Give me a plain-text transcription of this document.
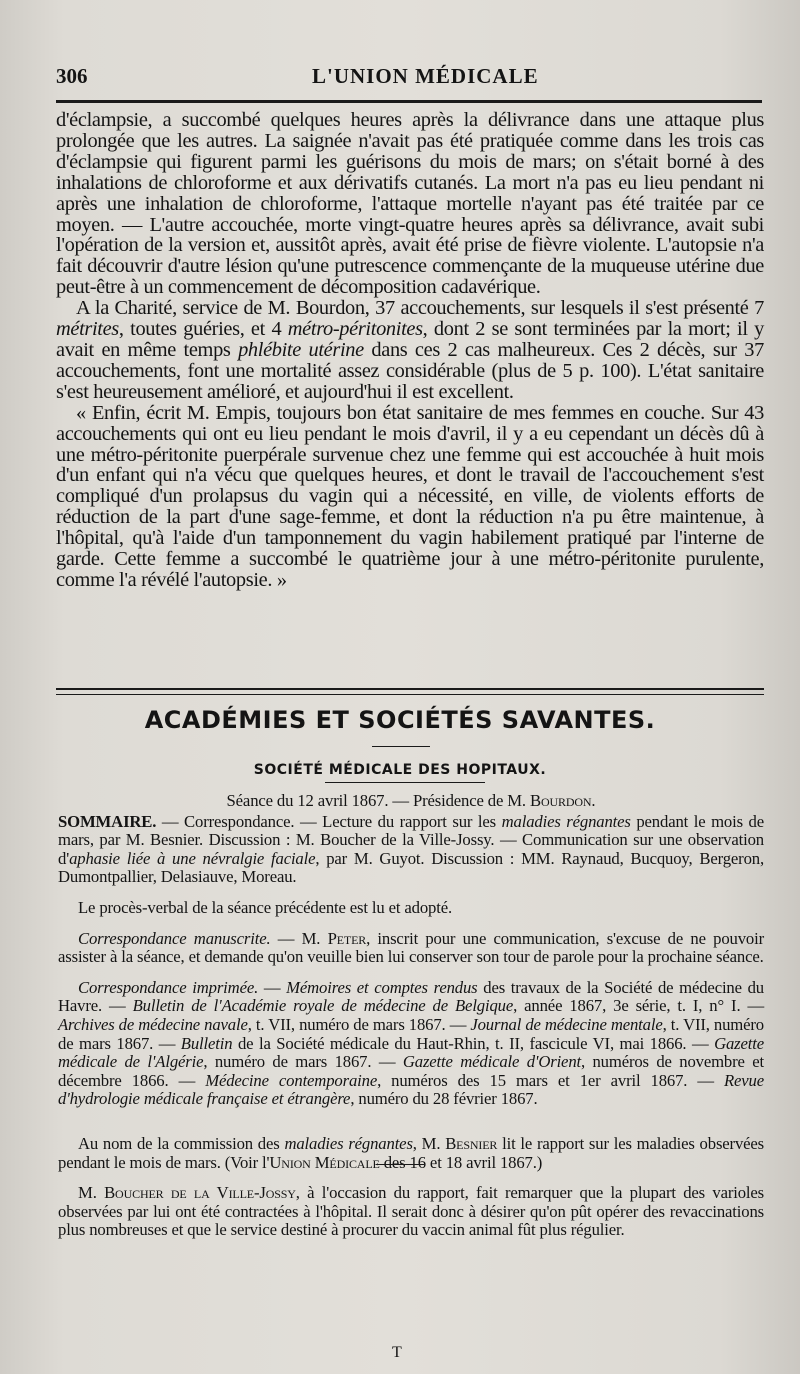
306	L'UNION MÉDICALE

d'éclampsie, a succombé quelques heures après la délivrance dans une attaque plus prolongée que les autres. La saignée n'avait pas été pratiquée comme dans les trois cas d'éclampsie qui figurent parmi les guérisons du mois de mars; on s'était borné à des inhalations de chloroforme et aux dérivatifs cutanés. La mort n'a pas eu lieu pendant ni après une inhalation de chloroforme, l'attaque mortelle n'ayant pas été traitée par ce moyen. — L'autre accouchée, morte vingt-quatre heures après sa délivrance, avait subi l'opération de la version et, aussitôt après, avait été prise de fièvre violente. L'autopsie n'a fait découvrir d'autre lésion qu'une putrescence commençante de la muqueuse utérine due peut-être à un commencement de décomposition cadavérique.

A la Charité, service de M. Bourdon, 37 accouchements, sur lesquels il s'est présenté 7 métrites, toutes guéries, et 4 métro-péritonites, dont 2 se sont terminées par la mort; il y avait en même temps phlébite utérine dans ces 2 cas malheureux. Ces 2 décès, sur 37 accouchements, font une mortalité assez considérable (plus de 5 p. 100). L'état sanitaire s'est heureusement amélioré, et aujourd'hui il est excellent.

« Enfin, écrit M. Empis, toujours bon état sanitaire de mes femmes en couche. Sur 43 accouchements qui ont eu lieu pendant le mois d'avril, il y a eu cependant un décès dû à une métro-péritonite puerpérale survenue chez une femme qui est accouchée à huit mois d'un enfant qui n'a vécu que quelques heures, et dont le travail de l'accouchement s'est compliqué d'un prolapsus du vagin qui a nécessité, en ville, de violents efforts de réduction de la part d'une sage-femme, et dont la réduction n'a pu être maintenue, à l'hôpital, qu'à l'aide d'un tamponnement du vagin habilement pratiqué par l'interne de garde. Cette femme a succombé le quatrième jour à une métro-péritonite purulente, comme l'a révélé l'autopsie. »

ACADÉMIES ET SOCIÉTÉS SAVANTES.
SOCIÉTÉ MÉDICALE DES HOPITAUX.

Séance du 12 avril 1867. — Présidence de M. Bourdon.

SOMMAIRE. — Correspondance. — Lecture du rapport sur les maladies régnantes pendant le mois de mars, par M. Besnier. Discussion : M. Boucher de la Ville-Jossy. — Communication sur une observation d'aphasie liée à une névralgie faciale, par M. Guyot. Discussion : MM. Raynaud, Bucquoy, Bergeron, Dumontpallier, Delasiauve, Moreau.

Le procès-verbal de la séance précédente est lu et adopté.

Correspondance manuscrite. — M. Peter, inscrit pour une communication, s'excuse de ne pouvoir assister à la séance, et demande qu'on veuille bien lui conserver son tour de parole pour la prochaine séance.

Correspondance imprimée. — Mémoires et comptes rendus des travaux de la Société de médecine du Havre. — Bulletin de l'Académie royale de médecine de Belgique, année 1867, 3e série, t. I, n° I. — Archives de médecine navale, t. VII, numéro de mars 1867. — Journal de médecine mentale, t. VII, numéro de mars 1867. — Bulletin de la Société médicale du Haut-Rhin, t. II, fascicule VI, mai 1866. — Gazette médicale de l'Algérie, numéro de mars 1867. — Gazette médicale d'Orient, numéros de novembre et décembre 1866. — Médecine contemporaine, numéros des 15 mars et 1er avril 1867. — Revue d'hydrologie médicale française et étrangère, numéro du 28 février 1867.

Au nom de la commission des maladies régnantes, M. Besnier lit le rapport sur les maladies observées pendant le mois de mars. (Voir l'Union Médicale des 16 et 18 avril 1867.)

M. Boucher de la Ville-Jossy, à l'occasion du rapport, fait remarquer que la plupart des varioles observées par lui ont été contractées à l'hôpital. Il serait donc à désirer qu'on pût opérer des revaccinations plus nombreuses et que le service destiné à procurer du vaccin animal fût plus régulier.

T
